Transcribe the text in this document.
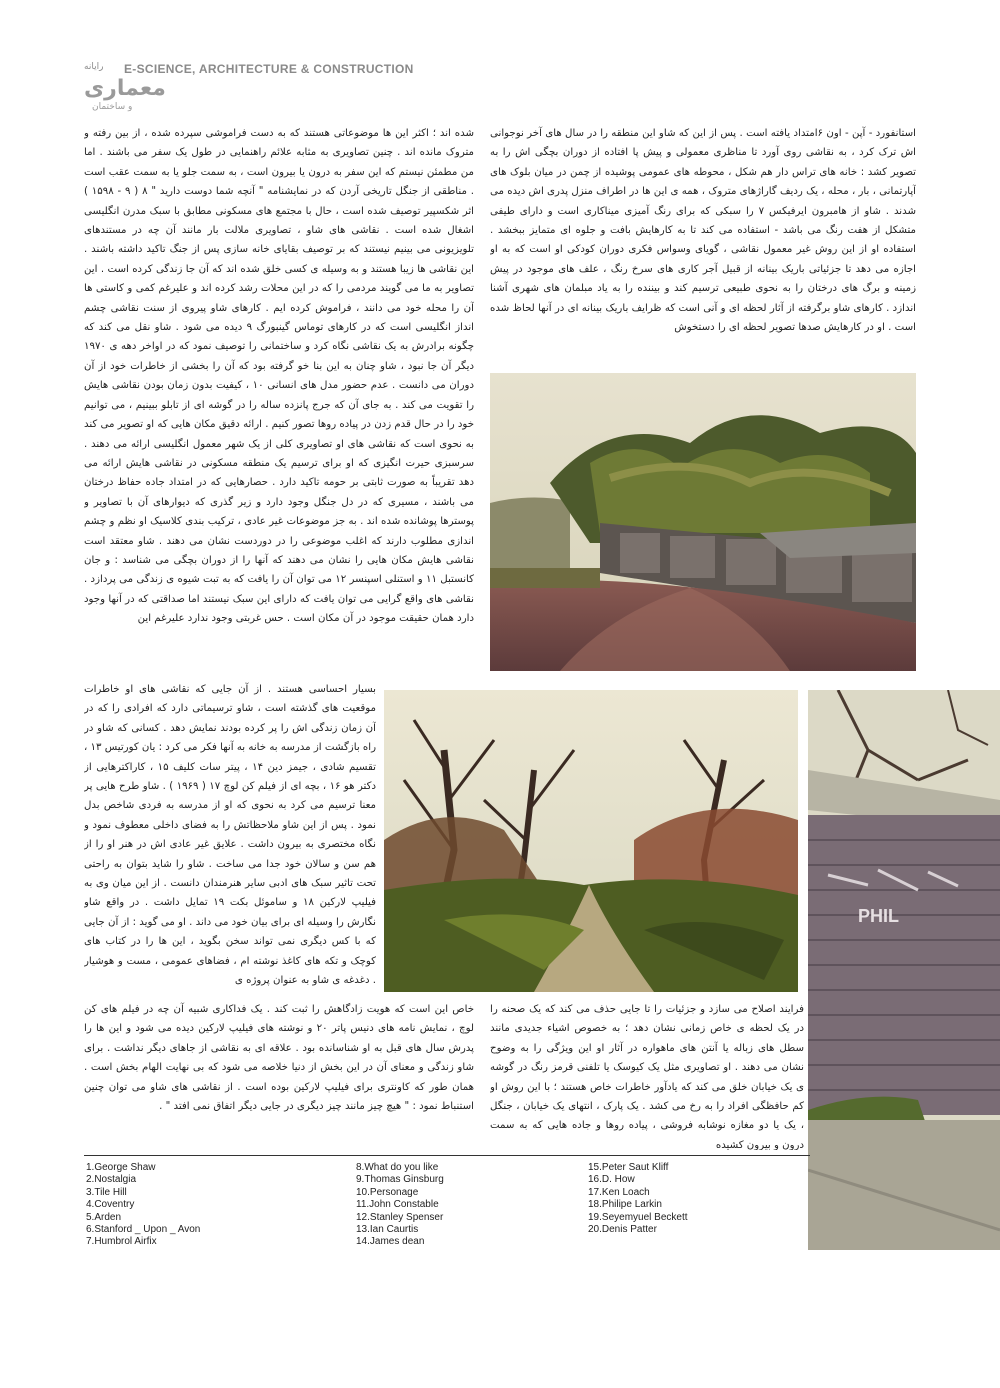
رایانه E-SCIENCE, ARCHITECTURE & CONSTRUCTION
معماری
و ساختمان

استانفورد - آپن - اون ۶امتداد یافته است . پس از این که شاو این منطقه را در سال های آخر نوجوانی اش ترک کرد ، به نقاشی روی آورد تا مناظری معمولی و پیش پا افتاده از دوران بچگی اش را به تصویر کشد : خانه های تراس دار هم شکل ، محوطه های عمومی پوشیده از چمن در میان بلوک های آپارتمانی ، بار ، محله ، یک ردیف گاراژهای متروک ، همه ی این ها در اطراف منزل پدری اش دیده می شدند . شاو از هامبرون ایرفیکس ۷ را سبکی که برای رنگ آمیزی میناکاری است و دارای طیفی متشکل از هفت رنگ می باشد - استفاده می کند تا به کارهایش بافت و جلوه ای متمایز ببخشد . استفاده او از این روش غیر معمول نقاشی ، گویای وسواس فکری دوران کودکی او است که به او اجازه می دهد تا جزئیاتی باریک بینانه از قبیل آجر کاری های سرخ رنگ ، علف های موجود در پیش زمینه و برگ های درختان را به نحوی طبیعی ترسیم کند و بیننده را به یاد مبلمان های شهری آشنا اندازد . کارهای شاو برگرفته از آثار لحظه ای و آنی است که ظرایف باریک بینانه ای در آنها لحاظ شده است . او در کارهایش صدها تصویر لحظه ای را دستخوش

شده اند ؛ اکثر این ها موضوعاتی هستند که به دست فراموشی سپرده شده ، از بین رفته و متروک مانده اند . چنین تصاویری به مثابه علائم راهنمایی در طول یک سفر می باشند . اما من مطمئن نیستم که این سفر به درون یا بیرون است ، به سمت جلو یا به سمت عقب است . مناطقی از جنگل تاریخی آردن که در نمایشنامه " آنچه شما دوست دارید " ۸ ( ۹ - ۱۵۹۸ ) اثر شکسپیر توصیف شده است ، حال با مجتمع های مسکونی مطابق با سبک مدرن انگلیسی اشغال شده است . نقاشی های شاو ، تصاویری ملالت بار مانند آن چه در مستندهای تلویزیونی می بینیم نیستند که بر توصیف بقایای خانه سازی پس از جنگ تاکید داشته باشند . این نقاشی ها زیبا هستند و به وسیله ی کسی خلق شده اند که آن جا زندگی کرده است . این تصاویر به ما می گویند مردمی را که در این محلات رشد کرده اند و علیرغم کمی و کاستی ها آن را محله خود می دانند ، فراموش کرده ایم . کارهای شاو پیروی از سنت نقاشی چشم انداز انگلیسی است که در کارهای توماس گینبورگ ۹ دیده می شود . شاو نقل می کند که چگونه برادرش به یک نقاشی نگاه کرد و ساختمانی را توصیف نمود که در اواخر دهه ی ۱۹۷۰ دیگر آن جا نبود ، شاو چنان به این بنا خو گرفته بود که آن را بخشی از خاطرات خود از آن دوران می دانست . عدم حضور مدل های انسانی ۱۰ ، کیفیت بدون زمان بودن نقاشی هایش را تقویت می کند . به جای آن که جرج پانزده ساله را در گوشه ای از تابلو ببینیم ، می توانیم خود را در حال قدم زدن در پیاده روها تصور کنیم . ارائه دقیق مکان هایی که او تصویر می کند به نحوی است که نقاشی های او تصاویری کلی از یک شهر معمول انگلیسی ارائه می دهند . سرسبزی حیرت انگیزی که او برای ترسیم یک منطقه مسکونی در نقاشی هایش ارائه می دهد تقریباً به صورت ثابتی بر حومه تاکید دارد . حصارهایی که در امتداد جاده حفاظ درختان می باشند ، مسیری که در دل جنگل وجود دارد و زیر گذری که دیوارهای آن با تصاویر و پوسترها پوشانده شده اند . به جز موضوعات غیر عادی ، ترکیب بندی کلاسیک او نظم و چشم اندازی مطلوب دارند که اغلب موضوعی را در دوردست نشان می دهند . شاو معتقد است نقاشی هایش مکان هایی را نشان می دهند که آنها را از دوران بچگی می شناسد : و جان کانستبل ۱۱ و استنلی اسپنسر ۱۲ می توان آن را یافت که به تبت شیوه ی زندگی می پردازد . نقاشی های واقع گرایی می توان یافت که دارای این سبک نیستند اما صداقتی که در آنها وجود دارد همان حقیقت موجود در آن مکان است . حس غربتی وجود ندارد علیرغم این

بسیار احساسی هستند . از آن جایی که نقاشی های او خاطرات موقعیت های گذشته است ، شاو ترسیماتی دارد که افرادی را که در آن زمان زندگی اش را پر کرده بودند نمایش دهد . کسانی که شاو در راه بازگشت از مدرسه به خانه به آنها فکر می کرد : یان کورتیس ۱۳ ، تقسیم شادی ، جیمز دین ۱۴ ، پیتر سات کلیف ۱۵ ، کاراکترهایی از دکتر هو ۱۶ ، بچه ای از فیلم کن لوچ ۱۷ ( ۱۹۶۹ ) . شاو طرح هایی پر معنا ترسیم می کرد به نحوی که او از مدرسه به فردی شاخص بدل نمود . پس از این شاو ملاحظاتش را به فضای داخلی معطوف نمود و نگاه مختصری به بیرون داشت . علایق غیر عادی اش در هنر او را از هم سن و سالان خود جدا می ساخت . شاو را شاید بتوان به راحتی تحت تاثیر سبک های ادبی سایر هنرمندان دانست . از این میان وی به فیلیپ لارکین ۱۸ و ساموئل بکت ۱۹ تمایل داشت . در واقع شاو نگارش را وسیله ای برای بیان خود می داند . او می گوید : از آن جایی که با کس دیگری نمی تواند سخن بگوید ، این ها را در کتاب های کوچک و تکه های کاغذ نوشته ام ، فضاهای عمومی ، مست و هوشیار . دغدغه ی شاو به عنوان پروژه ی

خاص این است که هویت زادگاهش را ثبت کند . یک فداکاری شبیه آن چه در فیلم های کن لوچ ، نمایش نامه های دنیس پاتر ۲۰ و نوشته های فیلیپ لارکین دیده می شود و این ها را پدرش سال های قبل به او شناسانده بود . علاقه ای به نقاشی از جاهای دیگر نداشت . برای شاو زندگی و معنای آن در این بخش از دنیا خلاصه می شود که بی نهایت الهام بخش است . همان طور که کاونتری برای فیلیپ لارکین بوده است . از نقاشی های شاو می توان چنین استنباط نمود : " هیچ چیز مانند چیز دیگری در جایی دیگر اتفاق نمی افتد " .

فرایند اصلاح می سازد و جزئیات را تا جایی حذف می کند که یک صحنه را در یک لحظه ی خاص زمانی نشان دهد ؛ به خصوص اشیاء جدیدی مانند سطل های زباله یا آنتن های ماهواره در آثار او این ویژگی را به وضوح نشان می دهند . او تصاویری مثل یک کیوسک یا تلفنی قرمز رنگ در گوشه ی یک خیابان خلق می کند که یادآور خاطرات خاص هستند ؛ با این روش او کم حافظگی افراد را به رخ می کشد . یک پارک ، انتهای یک خیابان ، جنگل ، یک یا دو مغازه نوشابه فروشی ، پیاده روها و جاده هایی که به سمت درون و بیرون کشیده

PHIL
1.George Shaw
2.Nostalgia
3.Tile Hill
4.Coventry
5.Arden
6.Stanford _ Upon _ Avon
7.Humbrol Airfix
8.What do you like
9.Thomas Ginsburg
10.Personage
11.John Constable
12.Stanley Spenser
13.Ian Caurtis
14.James dean
15.Peter Saut Kliff
16.D. How
17.Ken Loach
18.Philipe Larkin
19.Seyemyuel Beckett
20.Denis Patter
